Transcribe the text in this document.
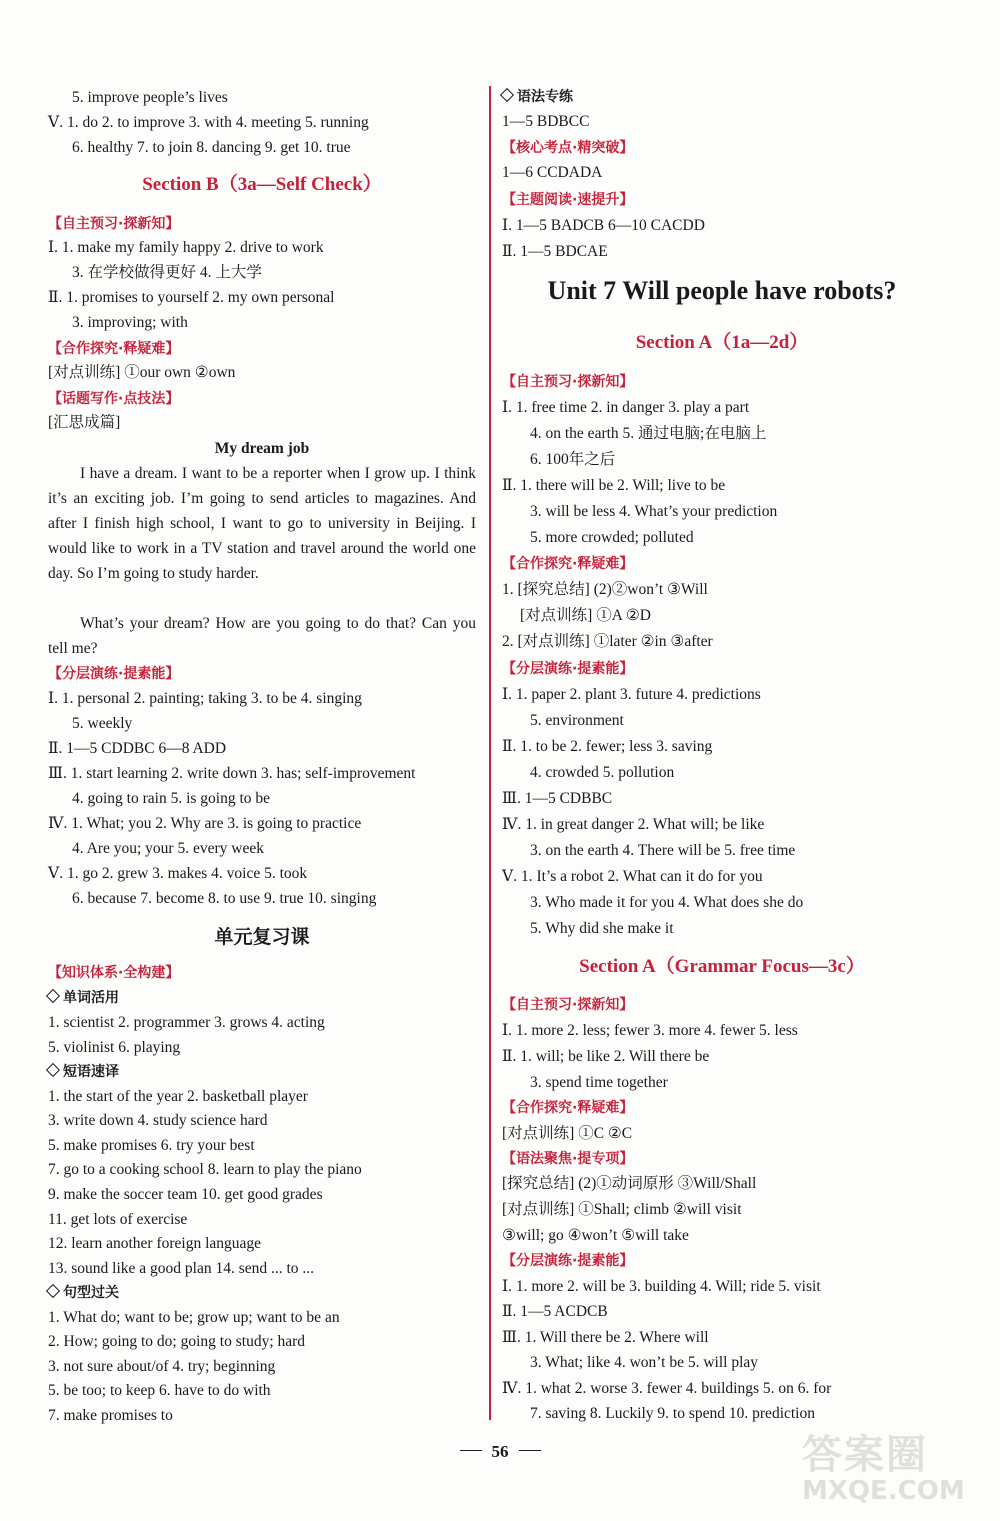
5. improve people’s lives
Ⅴ. 1. do 2. to improve 3. with 4. meeting 5. running
6. healthy 7. to join 8. dancing 9. get 10. true
Section B（3a—Self Check）
【自主预习·探新知】
Ⅰ. 1. make my family happy 2. drive to work
3. 在学校做得更好 4. 上大学
Ⅱ. 1. promises to yourself 2. my own personal
3. improving; with
【合作探究·释疑难】
[对点训练] ①our own ②own
【话题写作·点技法】
[汇思成篇]
My dream job

I have a dream. I want to be a reporter when I grow up. I think it’s an exciting job. I’m going to send articles to magazines. And after I finish high school, I want to go to university in Beijing. I would like to work in a TV station and travel around the world one day. So I’m going to study harder.

What’s your dream? How are you going to do that? Can you tell me?

【分层演练·提素能】
Ⅰ. 1. personal 2. painting; taking 3. to be 4. singing
5. weekly
Ⅱ. 1—5 CDDBC 6—8 ADD
Ⅲ. 1. start learning 2. write down 3. has; self-improvement
4. going to rain 5. is going to be
Ⅳ. 1. What; you 2. Why are 3. is going to practice
4. Are you; your 5. every week
Ⅴ. 1. go 2. grew 3. makes 4. voice 5. took
6. because 7. become 8. to use 9. true 10. singing
单元复习课
【知识体系·全构建】
单词活用
1. scientist 2. programmer 3. grows 4. acting
5. violinist 6. playing
短语速译
1. the start of the year 2. basketball player
3. write down 4. study science hard
5. make promises 6. try your best
7. go to a cooking school 8. learn to play the piano
9. make the soccer team 10. get good grades
11. get lots of exercise
12. learn another foreign language
13. sound like a good plan 14. send ... to ...
句型过关
1. What do; want to be; grow up; want to be an
2. How; going to do; going to study; hard
3. not sure about/of 4. try; beginning
5. be too; to keep 6. have to do with
7. make promises to
语法专练
1—5 BDBCC
【核心考点·精突破】
1—6 CCDADA
【主题阅读·速提升】
Ⅰ. 1—5 BADCB 6—10 CACDD
Ⅱ. 1—5 BDCAE
Unit 7 Will people have robots?
Section A（1a—2d）
【自主预习·探新知】
Ⅰ. 1. free time 2. in danger 3. play a part
4. on the earth 5. 通过电脑;在电脑上
6. 100年之后
Ⅱ. 1. there will be 2. Will; live to be
3. will be less 4. What’s your prediction
5. more crowded; polluted
【合作探究·释疑难】
1. [探究总结] (2)②won’t ③Will
[对点训练] ①A ②D
2. [对点训练] ①later ②in ③after
【分层演练·提素能】
Ⅰ. 1. paper 2. plant 3. future 4. predictions
5. environment
Ⅱ. 1. to be 2. fewer; less 3. saving
4. crowded 5. pollution
Ⅲ. 1—5 CDBBC
Ⅳ. 1. in great danger 2. What will; be like
3. on the earth 4. There will be 5. free time
Ⅴ. 1. It’s a robot 2. What can it do for you
3. Who made it for you 4. What does she do
5. Why did she make it
Section A（Grammar Focus—3c）
【自主预习·探新知】
Ⅰ. 1. more 2. less; fewer 3. more 4. fewer 5. less
Ⅱ. 1. will; be like 2. Will there be
3. spend time together
【合作探究·释疑难】
[对点训练] ①C ②C
【语法聚焦·提专项】
[探究总结] (2)①动词原形 ③Will/Shall
[对点训练] ①Shall; climb ②will visit
③will; go ④won’t ⑤will take
【分层演练·提素能】
Ⅰ. 1. more 2. will be 3. building 4. Will; ride 5. visit
Ⅱ. 1—5 ACDCB
Ⅲ. 1. Will there be 2. Where will
3. What; like 4. won’t be 5. will play
Ⅳ. 1. what 2. worse 3. fewer 4. buildings 5. on 6. for
7. saving 8. Luckily 9. to spend 10. prediction
56	答案圈
MXQE.COM
